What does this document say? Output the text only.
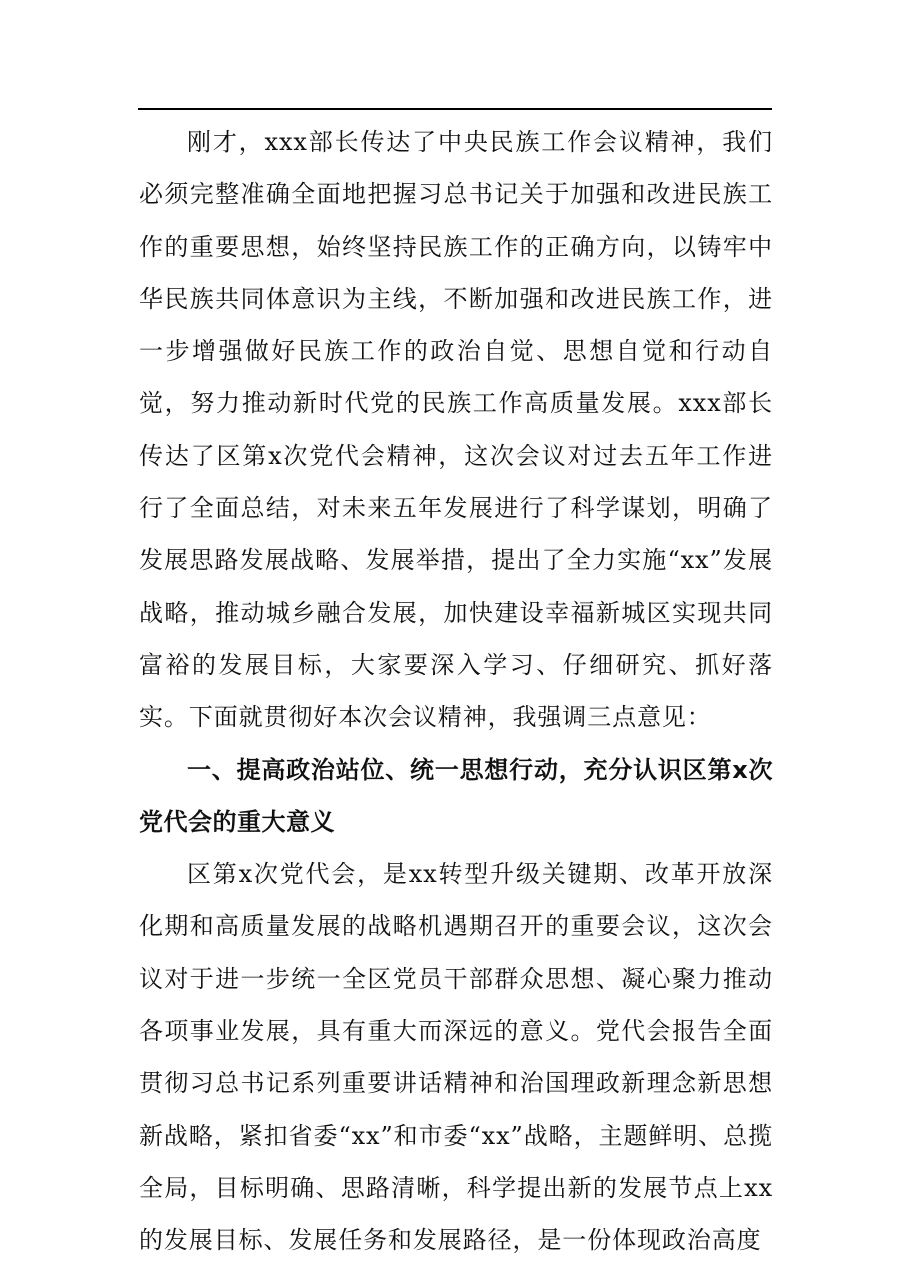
刚才，xxx部长传达了中央民族工作会议精神，我们必须完整准确全面地把握习总书记关于加强和改进民族工作的重要思想，始终坚持民族工作的正确方向，以铸牢中华民族共同体意识为主线，不断加强和改进民族工作，进一步增强做好民族工作的政治自觉、思想自觉和行动自觉，努力推动新时代党的民族工作高质量发展。xxx部长传达了区第x次党代会精神，这次会议对过去五年工作进行了全面总结，对未来五年发展进行了科学谋划，明确了发展思路发展战略、发展举措，提出了全力实施“xx”发展战略，推动城乡融合发展，加快建设幸福新城区实现共同富裕的发展目标，大家要深入学习、仔细研究、抓好落实。下面就贯彻好本次会议精神，我强调三点意见：

一、提高政治站位、统一思想行动，充分认识区第x次党代会的重大意义

区第x次党代会，是xx转型升级关键期、改革开放深化期和高质量发展的战略机遇期召开的重要会议，这次会议对于进一步统一全区党员干部群众思想、凝心聚力推动各项事业发展，具有重大而深远的意义。党代会报告全面贯彻习总书记系列重要讲话精神和治国理政新理念新思想新战略，紧扣省委“xx”和市委“xx”战略，主题鲜明、总揽全局，目标明确、思路清晰，科学提出新的发展节点上xx的发展目标、发展任务和发展路径，是一份体现政治高度
